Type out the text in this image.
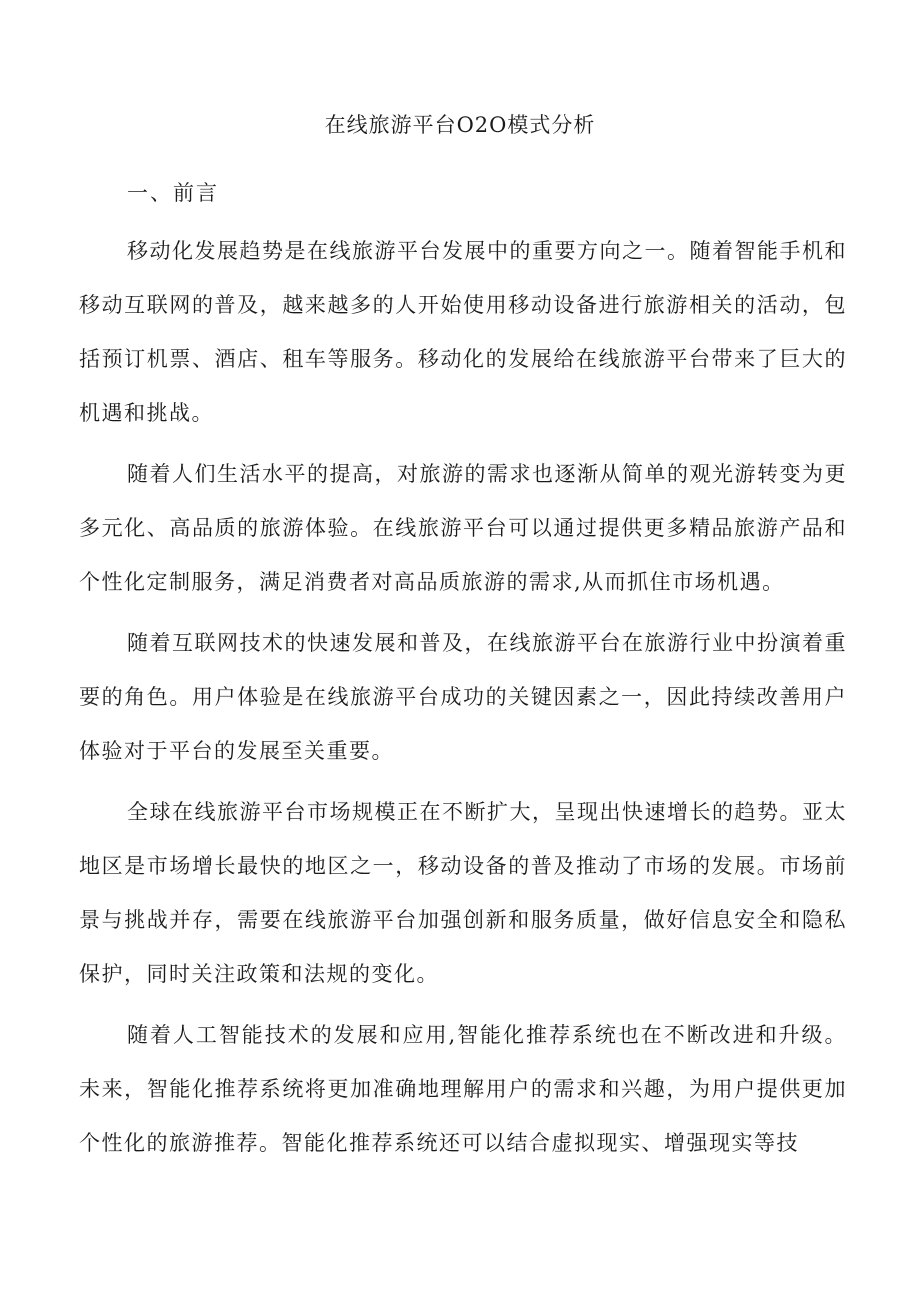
在线旅游平台O2O模式分析
一、前言

移动化发展趋势是在线旅游平台发展中的重要方向之一。随着智能手机和移动互联网的普及，越来越多的人开始使用移动设备进行旅游相关的活动，包括预订机票、酒店、租车等服务。移动化的发展给在线旅游平台带来了巨大的机遇和挑战。

随着人们生活水平的提高，对旅游的需求也逐渐从简单的观光游转变为更多元化、高品质的旅游体验。在线旅游平台可以通过提供更多精品旅游产品和个性化定制服务，满足消费者对高品质旅游的需求,从而抓住市场机遇。

随着互联网技术的快速发展和普及，在线旅游平台在旅游行业中扮演着重要的角色。用户体验是在线旅游平台成功的关键因素之一，因此持续改善用户体验对于平台的发展至关重要。

全球在线旅游平台市场规模正在不断扩大，呈现出快速增长的趋势。亚太地区是市场增长最快的地区之一，移动设备的普及推动了市场的发展。市场前景与挑战并存，需要在线旅游平台加强创新和服务质量，做好信息安全和隐私保护，同时关注政策和法规的变化。

随着人工智能技术的发展和应用,智能化推荐系统也在不断改进和升级。未来，智能化推荐系统将更加准确地理解用户的需求和兴趣，为用户提供更加个性化的旅游推荐。智能化推荐系统还可以结合虚拟现实、增强现实等技
